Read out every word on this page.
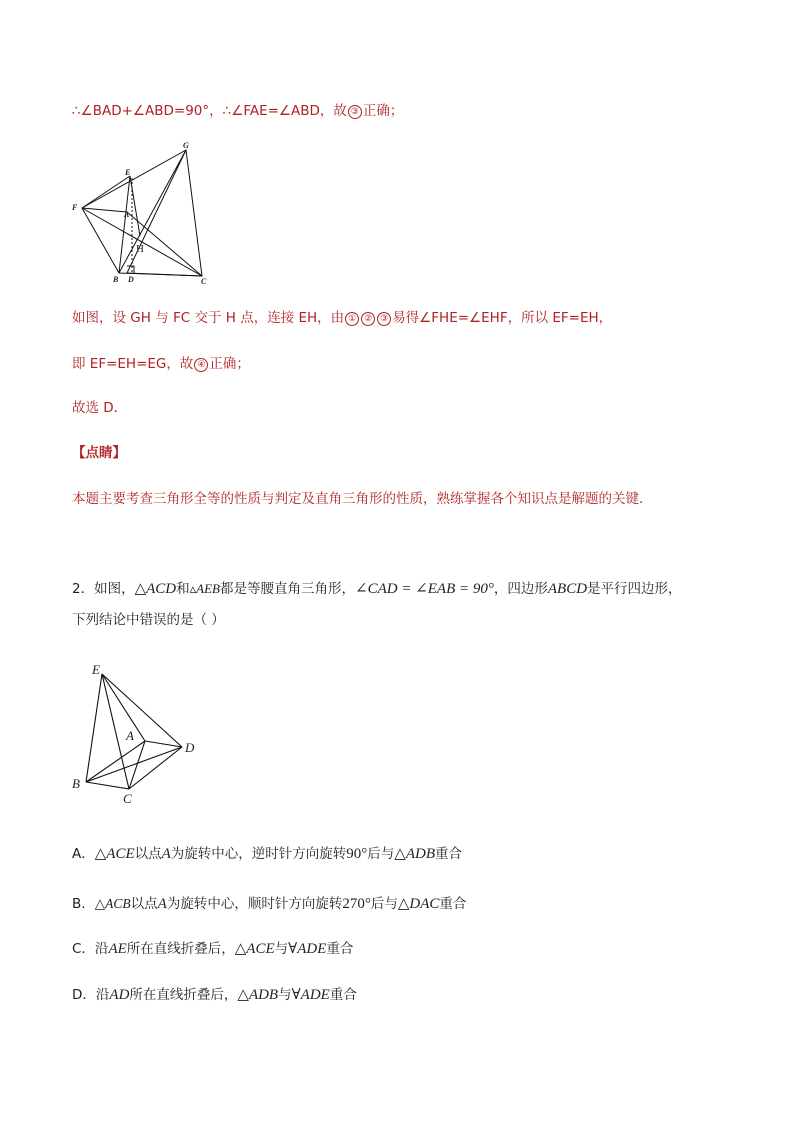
∴∠BAD+∠ABD=90°，∴∠FAE=∠ABD，故 ③ 正确；
G
E
F
A
H
B D	C
如图，设 GH 与 FC 交于 H 点，连接 EH，由 ① ② ③ 易得∠FHE=∠EHF，所以 EF=EH，
即 EF=EH=EG，故 ④ 正确；
故选 D．
【点睛】
本题主要考查三角形全等的性质与判定及直角三角形的性质，熟练掌握各个知识点是解题的关键．
2．如图，△ACD和▵AEB都是等腰直角三角形，∠CAD = ∠EAB = 90°，四边形ABCD是平行四边形，
下列结论中错误的是（ ）
E
A
D
B
C
A．△ACE以点A为旋转中心，逆时针方向旋转90°后与△ADB重合
B．△ACB以点A为旋转中心，顺时针方向旋转270°后与△DAC重合
C．沿AE所在直线折叠后，△ACE与∀ADE重合
D．沿AD所在直线折叠后，△ADB与∀ADE重合
